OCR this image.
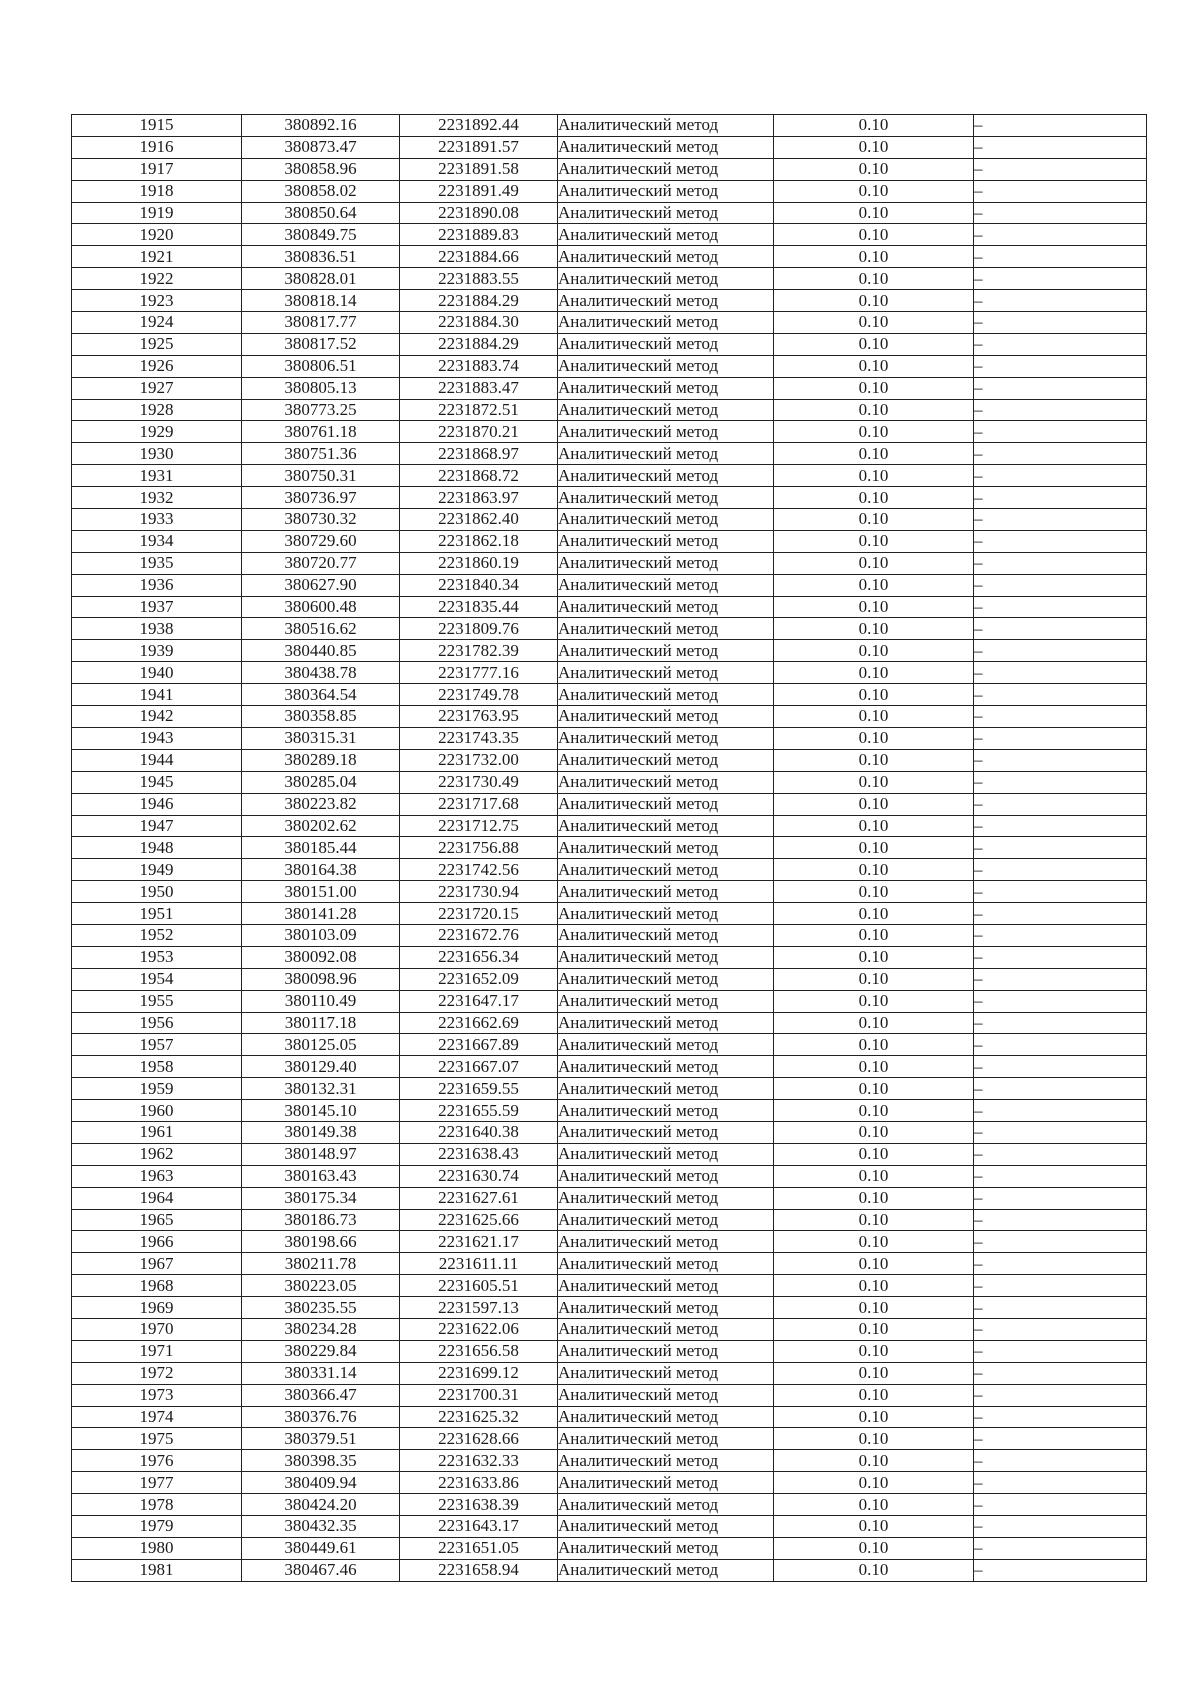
1915	380892.16	2231892.44	Аналитический метод	0.10	–
1916	380873.47	2231891.57	Аналитический метод	0.10	–
1917	380858.96	2231891.58	Аналитический метод	0.10	–
1918	380858.02	2231891.49	Аналитический метод	0.10	–
1919	380850.64	2231890.08	Аналитический метод	0.10	–
1920	380849.75	2231889.83	Аналитический метод	0.10	–
1921	380836.51	2231884.66	Аналитический метод	0.10	–
1922	380828.01	2231883.55	Аналитический метод	0.10	–
1923	380818.14	2231884.29	Аналитический метод	0.10	–
1924	380817.77	2231884.30	Аналитический метод	0.10	–
1925	380817.52	2231884.29	Аналитический метод	0.10	–
1926	380806.51	2231883.74	Аналитический метод	0.10	–
1927	380805.13	2231883.47	Аналитический метод	0.10	–
1928	380773.25	2231872.51	Аналитический метод	0.10	–
1929	380761.18	2231870.21	Аналитический метод	0.10	–
1930	380751.36	2231868.97	Аналитический метод	0.10	–
1931	380750.31	2231868.72	Аналитический метод	0.10	–
1932	380736.97	2231863.97	Аналитический метод	0.10	–
1933	380730.32	2231862.40	Аналитический метод	0.10	–
1934	380729.60	2231862.18	Аналитический метод	0.10	–
1935	380720.77	2231860.19	Аналитический метод	0.10	–
1936	380627.90	2231840.34	Аналитический метод	0.10	–
1937	380600.48	2231835.44	Аналитический метод	0.10	–
1938	380516.62	2231809.76	Аналитический метод	0.10	–
1939	380440.85	2231782.39	Аналитический метод	0.10	–
1940	380438.78	2231777.16	Аналитический метод	0.10	–
1941	380364.54	2231749.78	Аналитический метод	0.10	–
1942	380358.85	2231763.95	Аналитический метод	0.10	–
1943	380315.31	2231743.35	Аналитический метод	0.10	–
1944	380289.18	2231732.00	Аналитический метод	0.10	–
1945	380285.04	2231730.49	Аналитический метод	0.10	–
1946	380223.82	2231717.68	Аналитический метод	0.10	–
1947	380202.62	2231712.75	Аналитический метод	0.10	–
1948	380185.44	2231756.88	Аналитический метод	0.10	–
1949	380164.38	2231742.56	Аналитический метод	0.10	–
1950	380151.00	2231730.94	Аналитический метод	0.10	–
1951	380141.28	2231720.15	Аналитический метод	0.10	–
1952	380103.09	2231672.76	Аналитический метод	0.10	–
1953	380092.08	2231656.34	Аналитический метод	0.10	–
1954	380098.96	2231652.09	Аналитический метод	0.10	–
1955	380110.49	2231647.17	Аналитический метод	0.10	–
1956	380117.18	2231662.69	Аналитический метод	0.10	–
1957	380125.05	2231667.89	Аналитический метод	0.10	–
1958	380129.40	2231667.07	Аналитический метод	0.10	–
1959	380132.31	2231659.55	Аналитический метод	0.10	–
1960	380145.10	2231655.59	Аналитический метод	0.10	–
1961	380149.38	2231640.38	Аналитический метод	0.10	–
1962	380148.97	2231638.43	Аналитический метод	0.10	–
1963	380163.43	2231630.74	Аналитический метод	0.10	–
1964	380175.34	2231627.61	Аналитический метод	0.10	–
1965	380186.73	2231625.66	Аналитический метод	0.10	–
1966	380198.66	2231621.17	Аналитический метод	0.10	–
1967	380211.78	2231611.11	Аналитический метод	0.10	–
1968	380223.05	2231605.51	Аналитический метод	0.10	–
1969	380235.55	2231597.13	Аналитический метод	0.10	–
1970	380234.28	2231622.06	Аналитический метод	0.10	–
1971	380229.84	2231656.58	Аналитический метод	0.10	–
1972	380331.14	2231699.12	Аналитический метод	0.10	–
1973	380366.47	2231700.31	Аналитический метод	0.10	–
1974	380376.76	2231625.32	Аналитический метод	0.10	–
1975	380379.51	2231628.66	Аналитический метод	0.10	–
1976	380398.35	2231632.33	Аналитический метод	0.10	–
1977	380409.94	2231633.86	Аналитический метод	0.10	–
1978	380424.20	2231638.39	Аналитический метод	0.10	–
1979	380432.35	2231643.17	Аналитический метод	0.10	–
1980	380449.61	2231651.05	Аналитический метод	0.10	–
1981	380467.46	2231658.94	Аналитический метод	0.10	–
